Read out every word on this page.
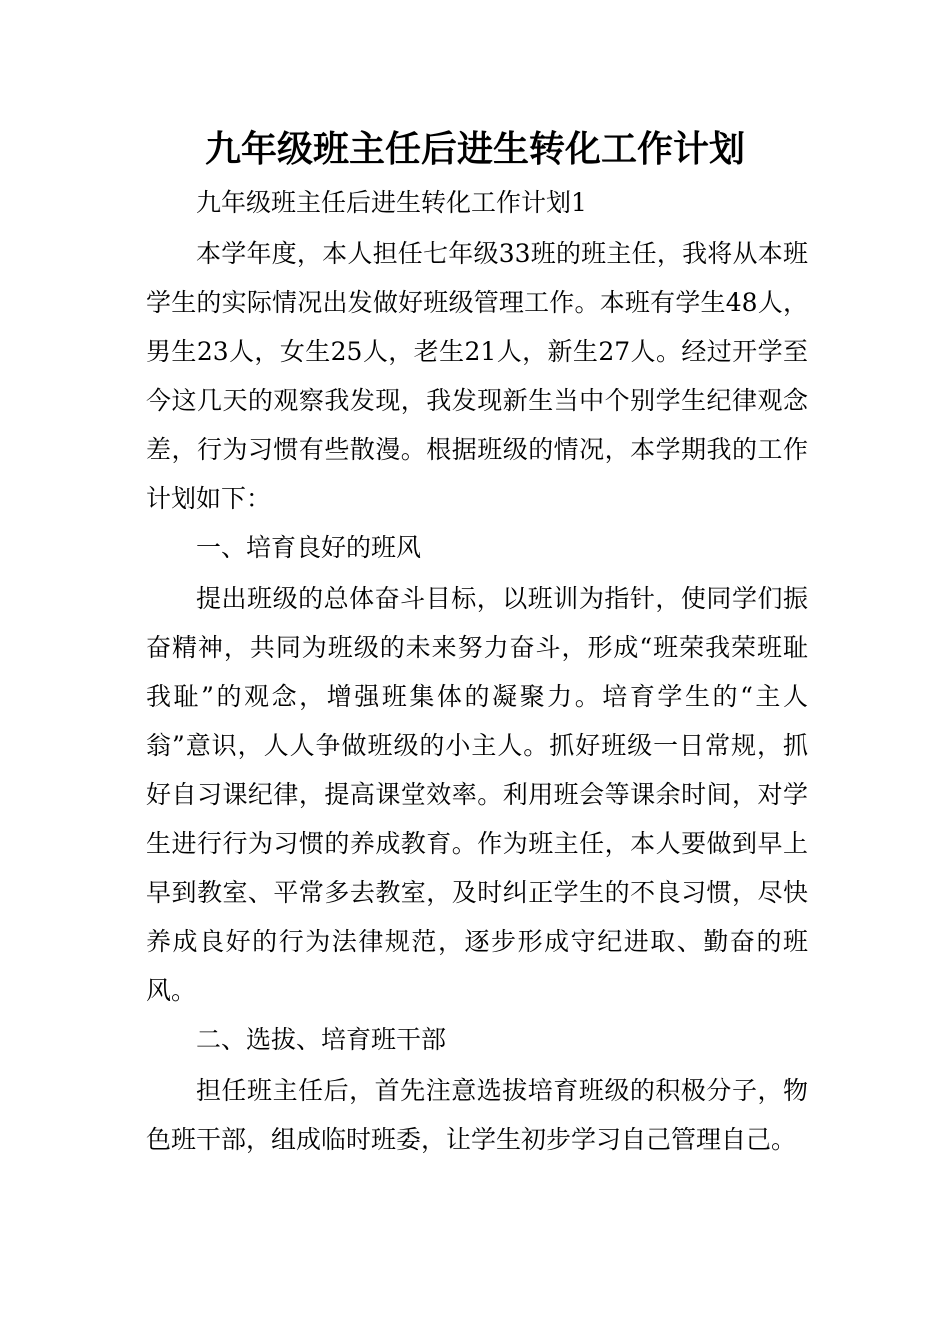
九年级班主任后进生转化工作计划

九年级班主任后进生转化工作计划1

本学年度，本人担任七年级33班的班主任，我将从本班学生的实际情况出发做好班级管理工作。本班有学生48人，男生23人，女生25人，老生21人，新生27人。经过开学至今这几天的观察我发现，我发现新生当中个别学生纪律观念差，行为习惯有些散漫。根据班级的情况，本学期我的工作计划如下：

一、培育良好的班风

提出班级的总体奋斗目标，以班训为指针，使同学们振奋精神，共同为班级的未来努力奋斗，形成“班荣我荣班耻我耻”的观念，增强班集体的凝聚力。培育学生的“主人翁”意识，人人争做班级的小主人。抓好班级一日常规，抓好自习课纪律，提高课堂效率。利用班会等课余时间，对学生进行行为习惯的养成教育。作为班主任，本人要做到早上早到教室、平常多去教室，及时纠正学生的不良习惯，尽快养成良好的行为法律规范，逐步形成守纪进取、勤奋的班风。

二、选拔、培育班干部

担任班主任后，首先注意选拔培育班级的积极分子，物色班干部，组成临时班委，让学生初步学习自己管理自己。
